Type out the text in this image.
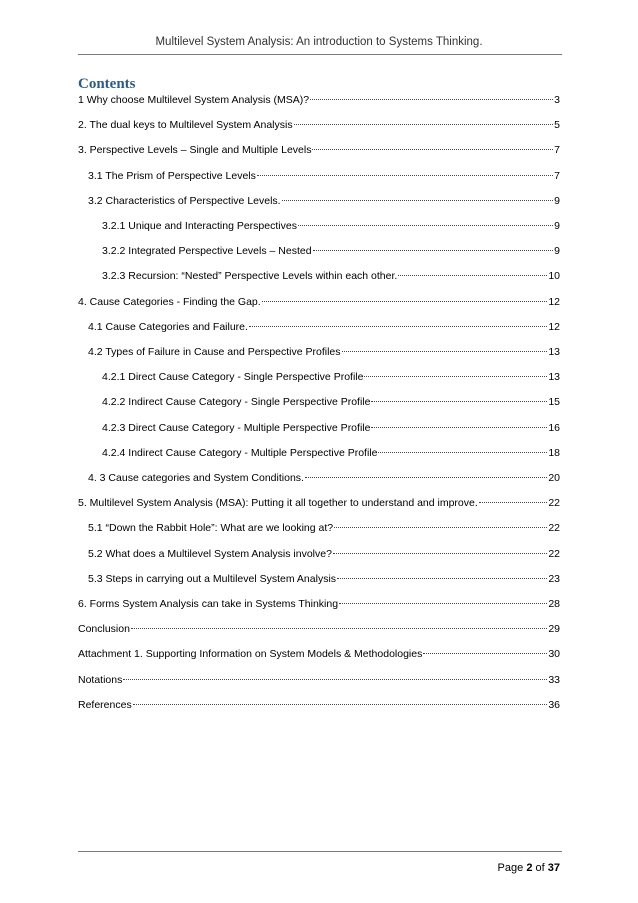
Multilevel System Analysis: An introduction to Systems Thinking.
Contents
1 Why choose Multilevel System Analysis (MSA)?	3
2. The dual keys to Multilevel System Analysis	5
3. Perspective Levels – Single and Multiple Levels	7
3.1 The Prism of Perspective Levels	7
3.2 Characteristics of Perspective Levels.	9
3.2.1 Unique and Interacting Perspectives	9
3.2.2 Integrated Perspective Levels – Nested	9
3.2.3 Recursion: “Nested” Perspective Levels within each other.	10
4. Cause Categories - Finding the Gap.	12
4.1 Cause Categories and Failure.	12
4.2 Types of Failure in Cause and Perspective Profiles	13
4.2.1 Direct Cause Category - Single Perspective Profile	13
4.2.2 Indirect Cause Category - Single Perspective Profile	15
4.2.3 Direct Cause Category - Multiple Perspective Profile	16
4.2.4 Indirect Cause Category - Multiple Perspective Profile	18
4. 3 Cause categories and System Conditions.	20
5. Multilevel System Analysis (MSA): Putting it all together to understand and improve.	22
5.1 “Down the Rabbit Hole”: What are we looking at?	22
5.2 What does a Multilevel System Analysis involve?	22
5.3 Steps in carrying out a Multilevel System Analysis	23
6. Forms System Analysis can take in Systems Thinking	28
Conclusion	29
Attachment 1. Supporting Information on System Models & Methodologies	30
Notations	33
References	36
Page 2 of 37
